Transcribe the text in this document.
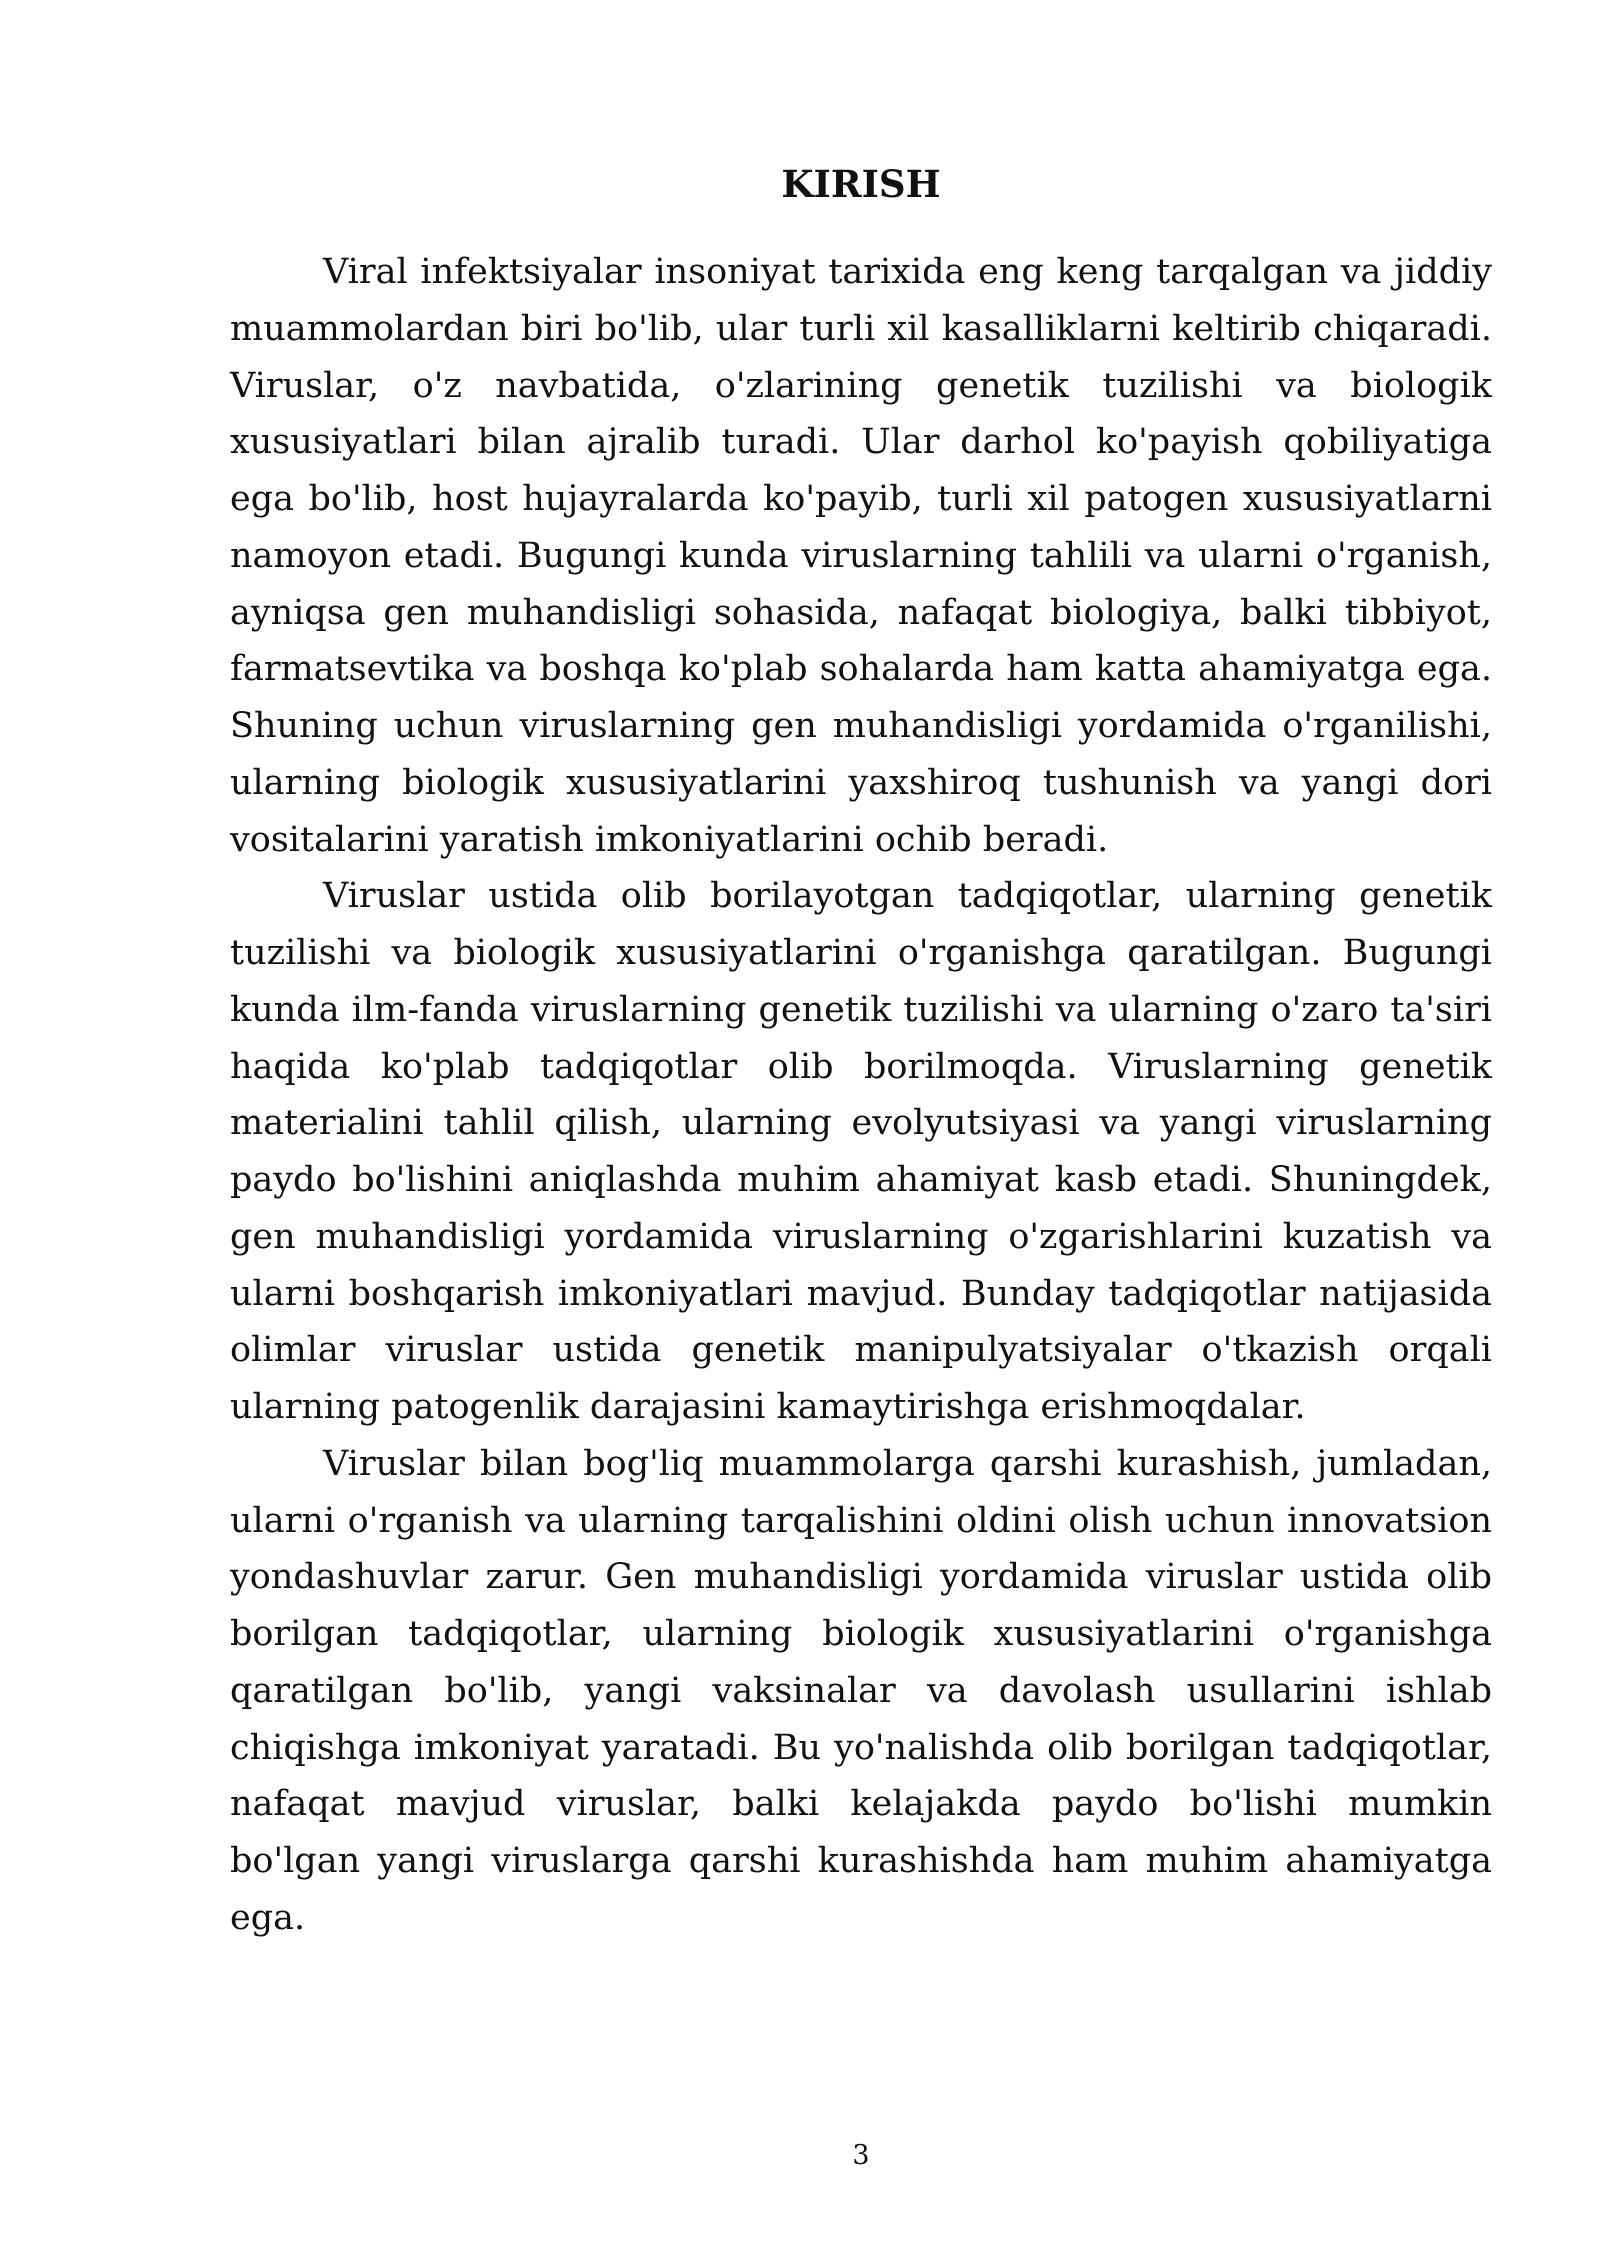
KIRISH

Viral infektsiyalar insoniyat tarixida eng keng tarqalgan va jiddiy muammolardan biri bo'lib, ular turli xil kasalliklarni keltirib chiqaradi. Viruslar, o'z navbatida, o'zlarining genetik tuzilishi va biologik xususiyatlari bilan ajralib turadi. Ular darhol ko'payish qobiliyatiga ega bo'lib, host hujayralarda ko'payib, turli xil patogen xususiyatlarni namoyon etadi. Bugungi kunda viruslarning tahlili va ularni o'rganish, ayniqsa gen muhandisligi sohasida, nafaqat biologiya, balki tibbiyot, farmatsevtika va boshqa ko'plab sohalarda ham katta ahamiyatga ega. Shuning uchun viruslarning gen muhandisligi yordamida o'rganilishi, ularning biologik xususiyatlarini yaxshiroq tushunish va yangi dori vositalarini yaratish imkoniyatlarini ochib beradi.

Viruslar ustida olib borilayotgan tadqiqotlar, ularning genetik tuzilishi va biologik xususiyatlarini o'rganishga qaratilgan. Bugungi kunda ilm-fanda viruslarning genetik tuzilishi va ularning o'zaro ta'siri haqida ko'plab tadqiqotlar olib borilmoqda. Viruslarning genetik materialini tahlil qilish, ularning evolyutsiyasi va yangi viruslarning paydo bo'lishini aniqlashda muhim ahamiyat kasb etadi. Shuningdek, gen muhandisligi yordamida viruslarning o'zgarishlarini kuzatish va ularni boshqarish imkoniyatlari mavjud. Bunday tadqiqotlar natijasida olimlar viruslar ustida genetik manipulyatsiyalar o'tkazish orqali ularning patogenlik darajasini kamaytirishga erishmoqdalar.

Viruslar bilan bog'liq muammolarga qarshi kurashish, jumladan, ularni o'rganish va ularning tarqalishini oldini olish uchun innovatsion yondashuvlar zarur. Gen muhandisligi yordamida viruslar ustida olib borilgan tadqiqotlar, ularning biologik xususiyatlarini o'rganishga qaratilgan bo'lib, yangi vaksinalar va davolash usullarini ishlab chiqishga imkoniyat yaratadi. Bu yo'nalishda olib borilgan tadqiqotlar, nafaqat mavjud viruslar, balki kelajakda paydo bo'lishi mumkin bo'lgan yangi viruslarga qarshi kurashishda ham muhim ahamiyatga ega.

3
